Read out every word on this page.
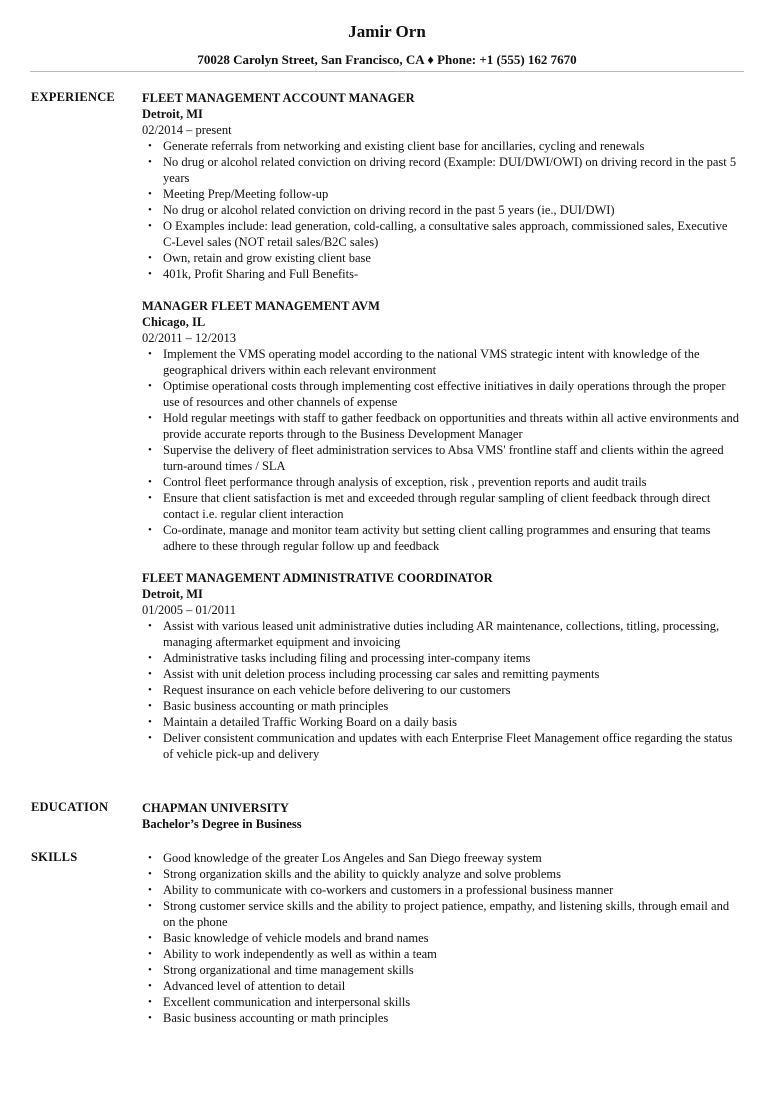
Jamir Orn
70028 Carolyn Street, San Francisco, CA ♦ Phone: +1 (555) 162 7670
EXPERIENCE FLEET MANAGEMENT ACCOUNT MANAGER
Detroit, MI
02/2014 – present
• Generate referrals from networking and existing client base for ancillaries, cycling and renewals
• No drug or alcohol related conviction on driving record (Example: DUI/DWI/OWI) on driving record in the past 5 years
• Meeting Prep/Meeting follow-up
• No drug or alcohol related conviction on driving record in the past 5 years (ie., DUI/DWI)
• O Examples include: lead generation, cold-calling, a consultative sales approach, commissioned sales, Executive C-Level sales (NOT retail sales/B2C sales)
• Own, retain and grow existing client base
• 401k, Profit Sharing and Full Benefits-
MANAGER FLEET MANAGEMENT AVM
Chicago, IL
02/2011 – 12/2013
• Implement the VMS operating model according to the national VMS strategic intent with knowledge of the geographical drivers within each relevant environment
• Optimise operational costs through implementing cost effective initiatives in daily operations through the proper use of resources and other channels of expense
• Hold regular meetings with staff to gather feedback on opportunities and threats within all active environments and provide accurate reports through to the Business Development Manager
• Supervise the delivery of fleet administration services to Absa VMS' frontline staff and clients within the agreed turn-around times / SLA
• Control fleet performance through analysis of exception, risk , prevention reports and audit trails
• Ensure that client satisfaction is met and exceeded through regular sampling of client feedback through direct contact i.e. regular client interaction
• Co-ordinate, manage and monitor team activity but setting client calling programmes and ensuring that teams adhere to these through regular follow up and feedback
FLEET MANAGEMENT ADMINISTRATIVE COORDINATOR
Detroit, MI
01/2005 – 01/2011
• Assist with various leased unit administrative duties including AR maintenance, collections, titling, processing, managing aftermarket equipment and invoicing
• Administrative tasks including filing and processing inter-company items
• Assist with unit deletion process including processing car sales and remitting payments
• Request insurance on each vehicle before delivering to our customers
• Basic business accounting or math principles
• Maintain a detailed Traffic Working Board on a daily basis
• Deliver consistent communication and updates with each Enterprise Fleet Management office regarding the status of vehicle pick-up and delivery
EDUCATION	CHAPMAN UNIVERSITY
Bachelor’s Degree in Business
SKILLS	• Good knowledge of the greater Los Angeles and San Diego freeway system
• Strong organization skills and the ability to quickly analyze and solve problems
• Ability to communicate with co-workers and customers in a professional business manner
• Strong customer service skills and the ability to project patience, empathy, and listening skills, through email and on the phone
• Basic knowledge of vehicle models and brand names
• Ability to work independently as well as within a team
• Strong organizational and time management skills
• Advanced level of attention to detail
• Excellent communication and interpersonal skills
• Basic business accounting or math principles
